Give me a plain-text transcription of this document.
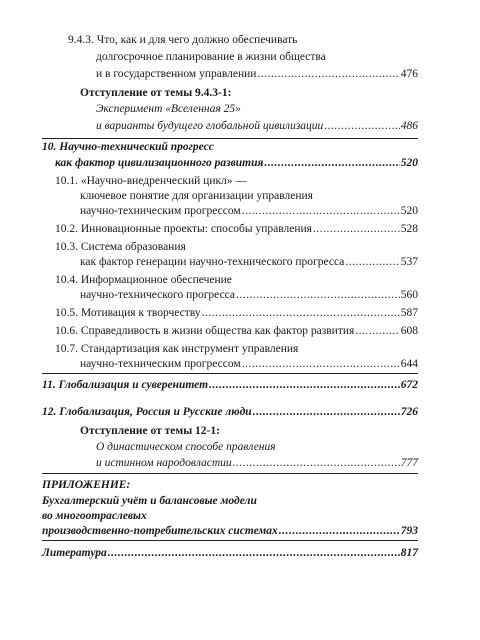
9.4.3. Что, как и для чего должно обеспечивать
долгосрочное планирование в жизни общества
и в государственном управлении .....	476
Отступление от темы 9.4.3-1:
Эксперимент «Вселенная 25»
и варианты будущего глобальной цивилизации .....	486
10. Научно-технический прогресс
как фактор цивилизационного развития .....	520
10.1. «Научно-внедренческий цикл» —
ключевое понятие для организации управления
научно-техническим прогрессом .....	520
10.2. Инновационные проекты: способы управления .....	528
10.3. Система образования
как фактор генерации научно-технического прогресса .....	537
10.4. Информационное обеспечение
научно-технического прогресса .....	560
10.5. Мотивация к творчеству .....	587
10.6. Справедливость в жизни общества как фактор развития .....	608
10.7. Стандартизация как инструмент управления
научно-техническим прогрессом .....	644
11. Глобализация и суверенитет .....	672
12. Глобализация, Россия и Русские люди .....	726
Отступление от темы 12-1:
О династическом способе правления
и истинном народовластии .....	777
ПРИЛОЖЕНИЕ:
Бухгалтерский учёт и балансовые модели
во многоотраслевых
производственно-потребительских системах .....	793
Литература .....	817
